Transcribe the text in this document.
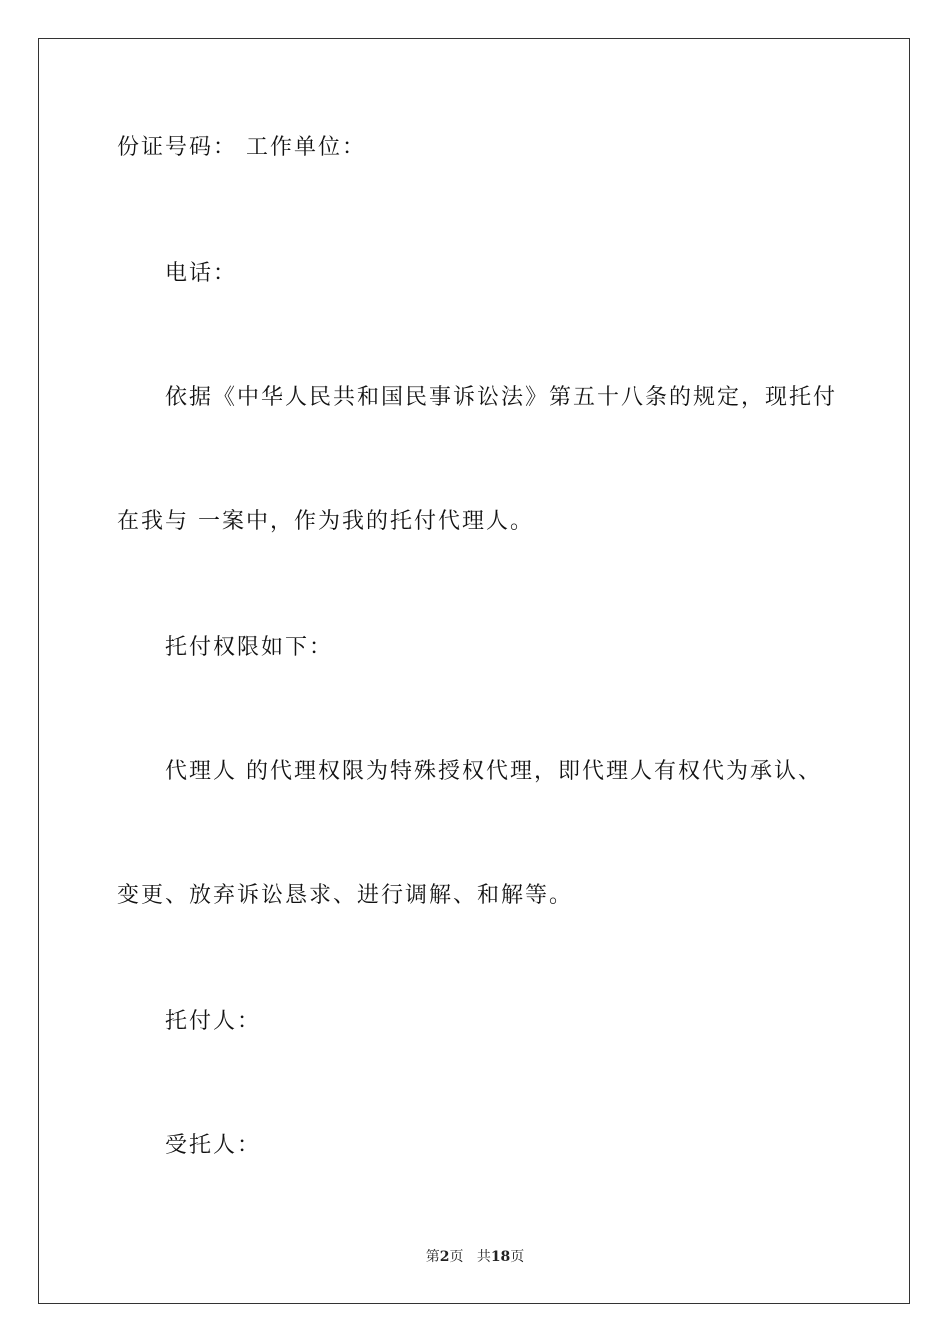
份证号码： 工作单位：
电话：
依据《中华人民共和国民事诉讼法》第五十八条的规定，现托付
在我与 一案中，作为我的托付代理人。
托付权限如下：
代理人 的代理权限为特殊授权代理，即代理人有权代为承认、
变更、放弃诉讼恳求、进行调解、和解等。
托付人：
受托人：
第2页 共18页
